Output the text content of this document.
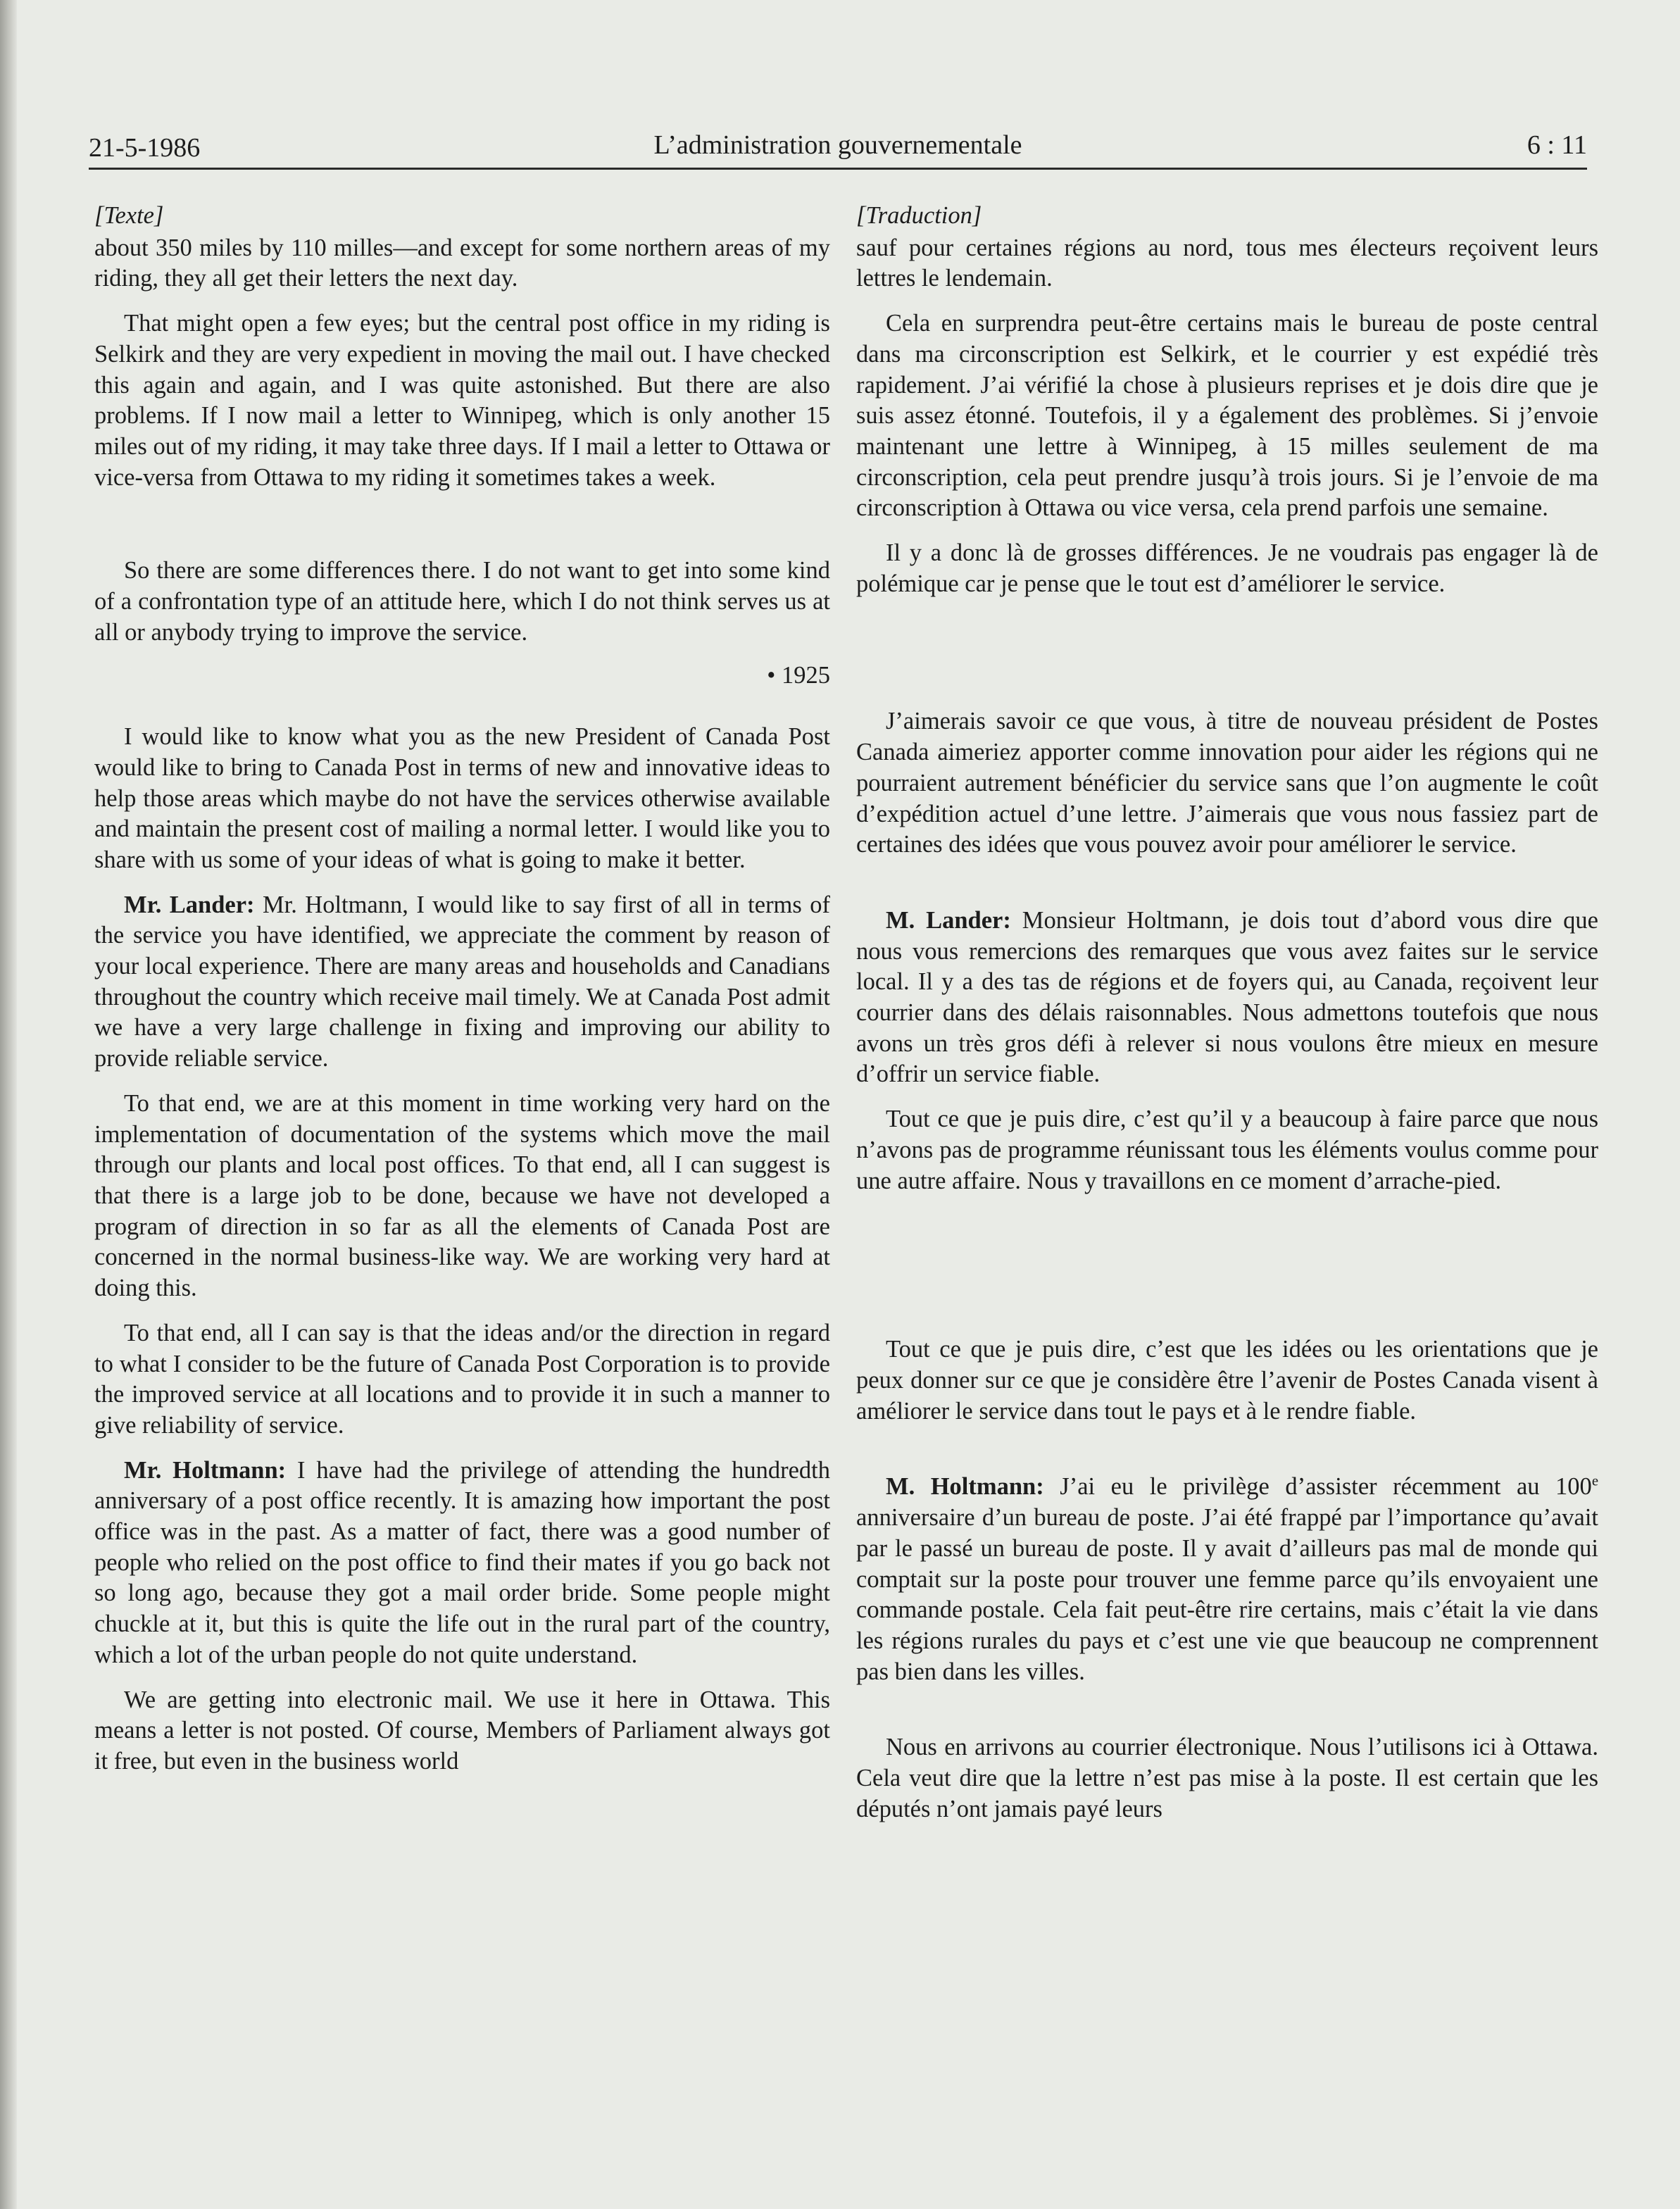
21-5-1986	L’administration gouvernementale	6 : 11

[Texte]

about 350 miles by 110 milles—and except for some northern areas of my riding, they all get their letters the next day.

That might open a few eyes; but the central post office in my riding is Selkirk and they are very expedient in moving the mail out. I have checked this again and again, and I was quite astonished. But there are also problems. If I now mail a letter to Winnipeg, which is only another 15 miles out of my riding, it may take three days. If I mail a letter to Ottawa or vice-versa from Ottawa to my riding it sometimes takes a week.

So there are some differences there. I do not want to get into some kind of a confrontation type of an attitude here, which I do not think serves us at all or anybody trying to improve the service.

• 1925

I would like to know what you as the new President of Canada Post would like to bring to Canada Post in terms of new and innovative ideas to help those areas which maybe do not have the services otherwise available and maintain the present cost of mailing a normal letter. I would like you to share with us some of your ideas of what is going to make it better.

Mr. Lander: Mr. Holtmann, I would like to say first of all in terms of the service you have identified, we appreciate the comment by reason of your local experience. There are many areas and households and Canadians throughout the country which receive mail timely. We at Canada Post admit we have a very large challenge in fixing and improving our ability to provide reliable service.

To that end, we are at this moment in time working very hard on the implementation of documentation of the systems which move the mail through our plants and local post offices. To that end, all I can suggest is that there is a large job to be done, because we have not developed a program of direction in so far as all the elements of Canada Post are concerned in the normal business-like way. We are working very hard at doing this.

To that end, all I can say is that the ideas and/or the direction in regard to what I consider to be the future of Canada Post Corporation is to provide the improved service at all locations and to provide it in such a manner to give reliability of service.

Mr. Holtmann: I have had the privilege of attending the hundredth anniversary of a post office recently. It is amazing how important the post office was in the past. As a matter of fact, there was a good number of people who relied on the post office to find their mates if you go back not so long ago, because they got a mail order bride. Some people might chuckle at it, but this is quite the life out in the rural part of the country, which a lot of the urban people do not quite understand.

We are getting into electronic mail. We use it here in Ottawa. This means a letter is not posted. Of course, Members of Parliament always got it free, but even in the business world

[Traduction]

sauf pour certaines régions au nord, tous mes électeurs reçoivent leurs lettres le lendemain.

Cela en surprendra peut-être certains mais le bureau de poste central dans ma circonscription est Selkirk, et le courrier y est expédié très rapidement. J’ai vérifié la chose à plusieurs reprises et je dois dire que je suis assez étonné. Toutefois, il y a également des problèmes. Si j’envoie maintenant une lettre à Winnipeg, à 15 milles seulement de ma circonscription, cela peut prendre jusqu’à trois jours. Si je l’envoie de ma circonscription à Ottawa ou vice versa, cela prend parfois une semaine.

Il y a donc là de grosses différences. Je ne voudrais pas engager là de polémique car je pense que le tout est d’améliorer le service.

J’aimerais savoir ce que vous, à titre de nouveau président de Postes Canada aimeriez apporter comme innovation pour aider les régions qui ne pourraient autrement bénéficier du service sans que l’on augmente le coût d’expédition actuel d’une lettre. J’aimerais que vous nous fassiez part de certaines des idées que vous pouvez avoir pour améliorer le service.

M. Lander: Monsieur Holtmann, je dois tout d’abord vous dire que nous vous remercions des remarques que vous avez faites sur le service local. Il y a des tas de régions et de foyers qui, au Canada, reçoivent leur courrier dans des délais raisonnables. Nous admettons toutefois que nous avons un très gros défi à relever si nous voulons être mieux en mesure d’offrir un service fiable.

Tout ce que je puis dire, c’est qu’il y a beaucoup à faire parce que nous n’avons pas de programme réunissant tous les éléments voulus comme pour une autre affaire. Nous y travaillons en ce moment d’arrache-pied.

Tout ce que je puis dire, c’est que les idées ou les orientations que je peux donner sur ce que je considère être l’avenir de Postes Canada visent à améliorer le service dans tout le pays et à le rendre fiable.

M. Holtmann: J’ai eu le privilège d’assister récemment au 100e anniversaire d’un bureau de poste. J’ai été frappé par l’importance qu’avait par le passé un bureau de poste. Il y avait d’ailleurs pas mal de monde qui comptait sur la poste pour trouver une femme parce qu’ils envoyaient une commande postale. Cela fait peut-être rire certains, mais c’était la vie dans les régions rurales du pays et c’est une vie que beaucoup ne comprennent pas bien dans les villes.

Nous en arrivons au courrier électronique. Nous l’utilisons ici à Ottawa. Cela veut dire que la lettre n’est pas mise à la poste. Il est certain que les députés n’ont jamais payé leurs
